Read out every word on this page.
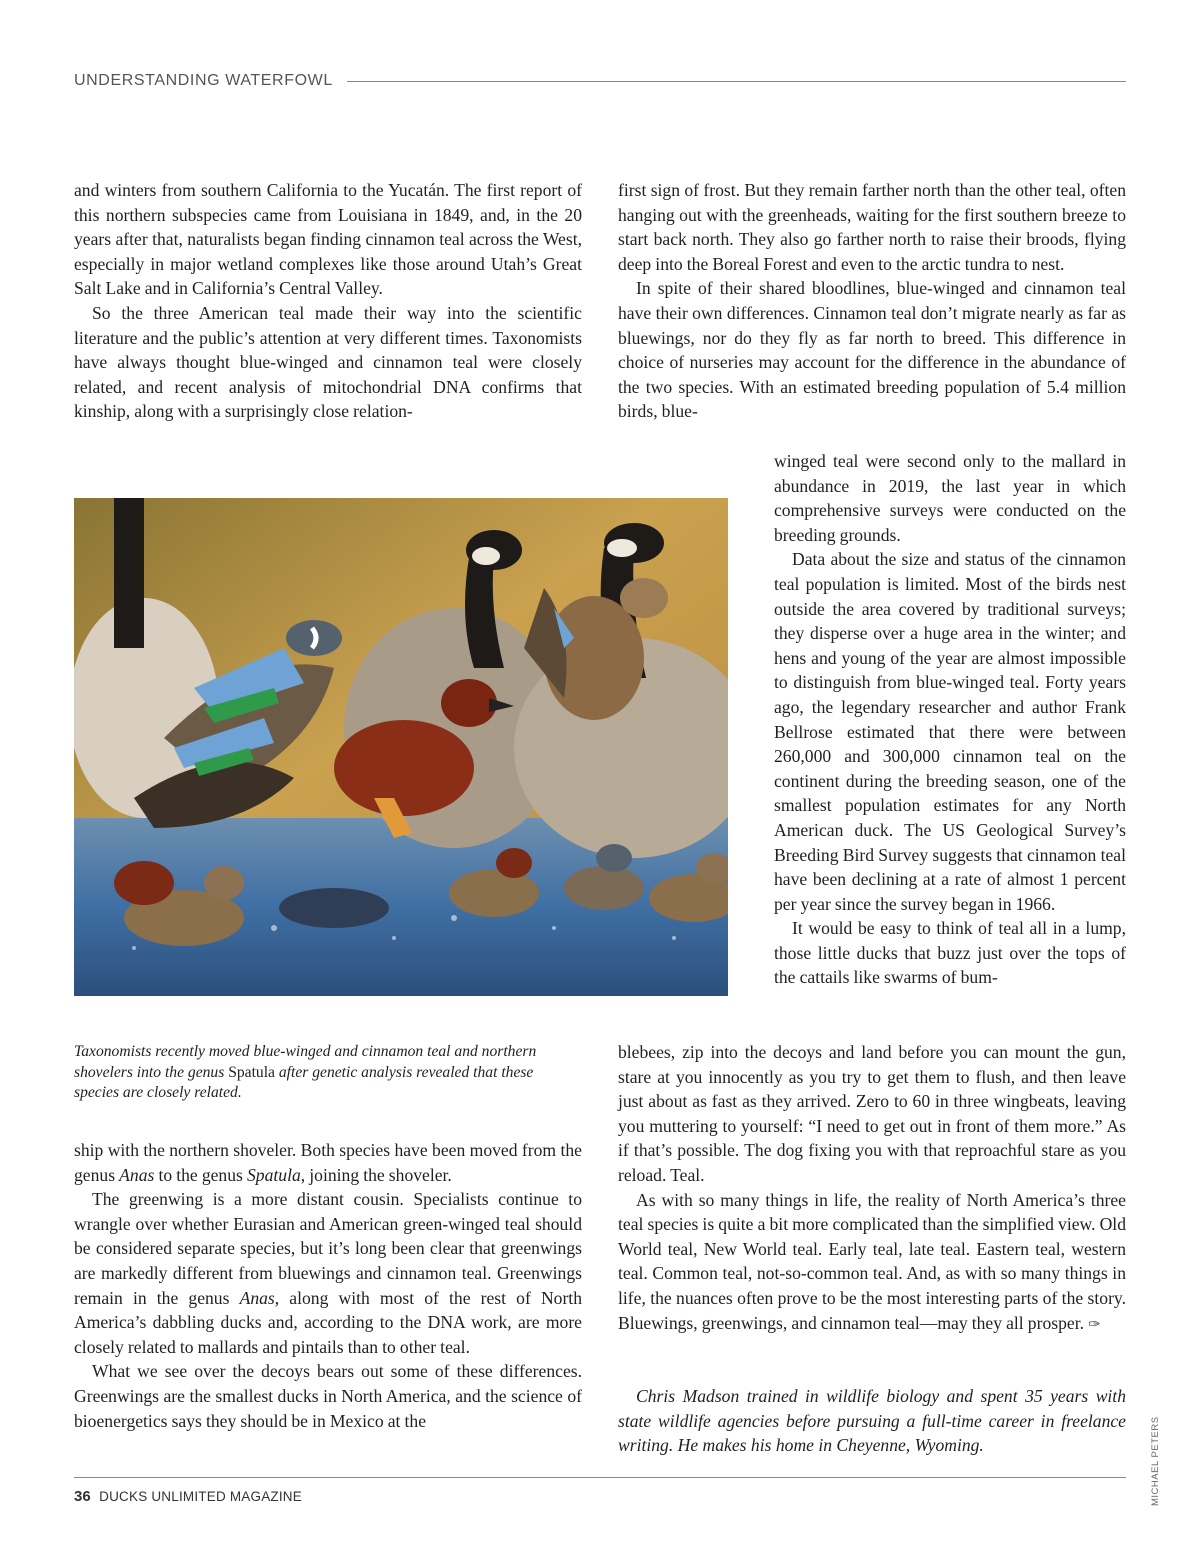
UNDERSTANDING WATERFOWL

and winters from southern California to the Yucatán. The first report of this northern subspecies came from Louisiana in 1849, and, in the 20 years after that, naturalists began finding cinnamon teal across the West, especially in major wetland complexes like those around Utah’s Great Salt Lake and in California’s Central Valley.

So the three American teal made their way into the scientific literature and the public’s attention at very different times. Taxonomists have always thought blue-winged and cinnamon teal were closely related, and recent analysis of mitochondrial DNA confirms that kinship, along with a surprisingly close relation-

Taxonomists recently moved blue-winged and cinnamon teal and northern shovelers into the genus Spatula after genetic analysis revealed that these species are closely related.

ship with the northern shoveler. Both species have been moved from the genus Anas to the genus Spatula, joining the shoveler.

The greenwing is a more distant cousin. Specialists continue to wrangle over whether Eurasian and American green-winged teal should be considered separate species, but it’s long been clear that greenwings are markedly different from bluewings and cinnamon teal. Greenwings remain in the genus Anas, along with most of the rest of North America’s dabbling ducks and, according to the DNA work, are more closely related to mallards and pintails than to other teal.

What we see over the decoys bears out some of these differences. Greenwings are the smallest ducks in North America, and the science of bioenergetics says they should be in Mexico at the

first sign of frost. But they remain farther north than the other teal, often hanging out with the greenheads, waiting for the first southern breeze to start back north. They also go farther north to raise their broods, flying deep into the Boreal Forest and even to the arctic tundra to nest.

In spite of their shared bloodlines, blue-winged and cinnamon teal have their own differences. Cinnamon teal don’t migrate nearly as far as bluewings, nor do they fly as far north to breed. This difference in choice of nurseries may account for the difference in the abundance of the two species. With an estimated breeding population of 5.4 million birds, blue-

winged teal were second only to the mallard in abundance in 2019, the last year in which comprehensive surveys were conducted on the breeding grounds.

Data about the size and status of the cinnamon teal population is limited. Most of the birds nest outside the area covered by traditional surveys; they disperse over a huge area in the winter; and hens and young of the year are almost impossible to distinguish from blue-winged teal. Forty years ago, the legendary researcher and author Frank Bellrose estimated that there were between 260,000 and 300,000 cinnamon teal on the continent during the breeding season, one of the smallest population estimates for any North American duck. The US Geological Survey’s Breeding Bird Survey suggests that cinnamon teal have been declining at a rate of almost 1 percent per year since the survey began in 1966.

It would be easy to think of teal all in a lump, those little ducks that buzz just over the tops of the cattails like swarms of bum-

blebees, zip into the decoys and land before you can mount the gun, stare at you innocently as you try to get them to flush, and then leave just about as fast as they arrived. Zero to 60 in three wingbeats, leaving you muttering to yourself: “I need to get out in front of them more.” As if that’s possible. The dog fixing you with that reproachful stare as you reload. Teal.

As with so many things in life, the reality of North America’s three teal species is quite a bit more complicated than the simplified view. Old World teal, New World teal. Early teal, late teal. Eastern teal, western teal. Common teal, not-so-common teal. And, as with so many things in life, the nuances often prove to be the most interesting parts of the story. Bluewings, greenwings, and cinnamon teal—may they all prosper. ✑

Chris Madson trained in wildlife biology and spent 35 years with state wildlife agencies before pursuing a full-time career in freelance writing. He makes his home in Cheyenne, Wyoming.	MICHAEL PETERS
36 DUCKS UNLIMITED MAGAZINE
